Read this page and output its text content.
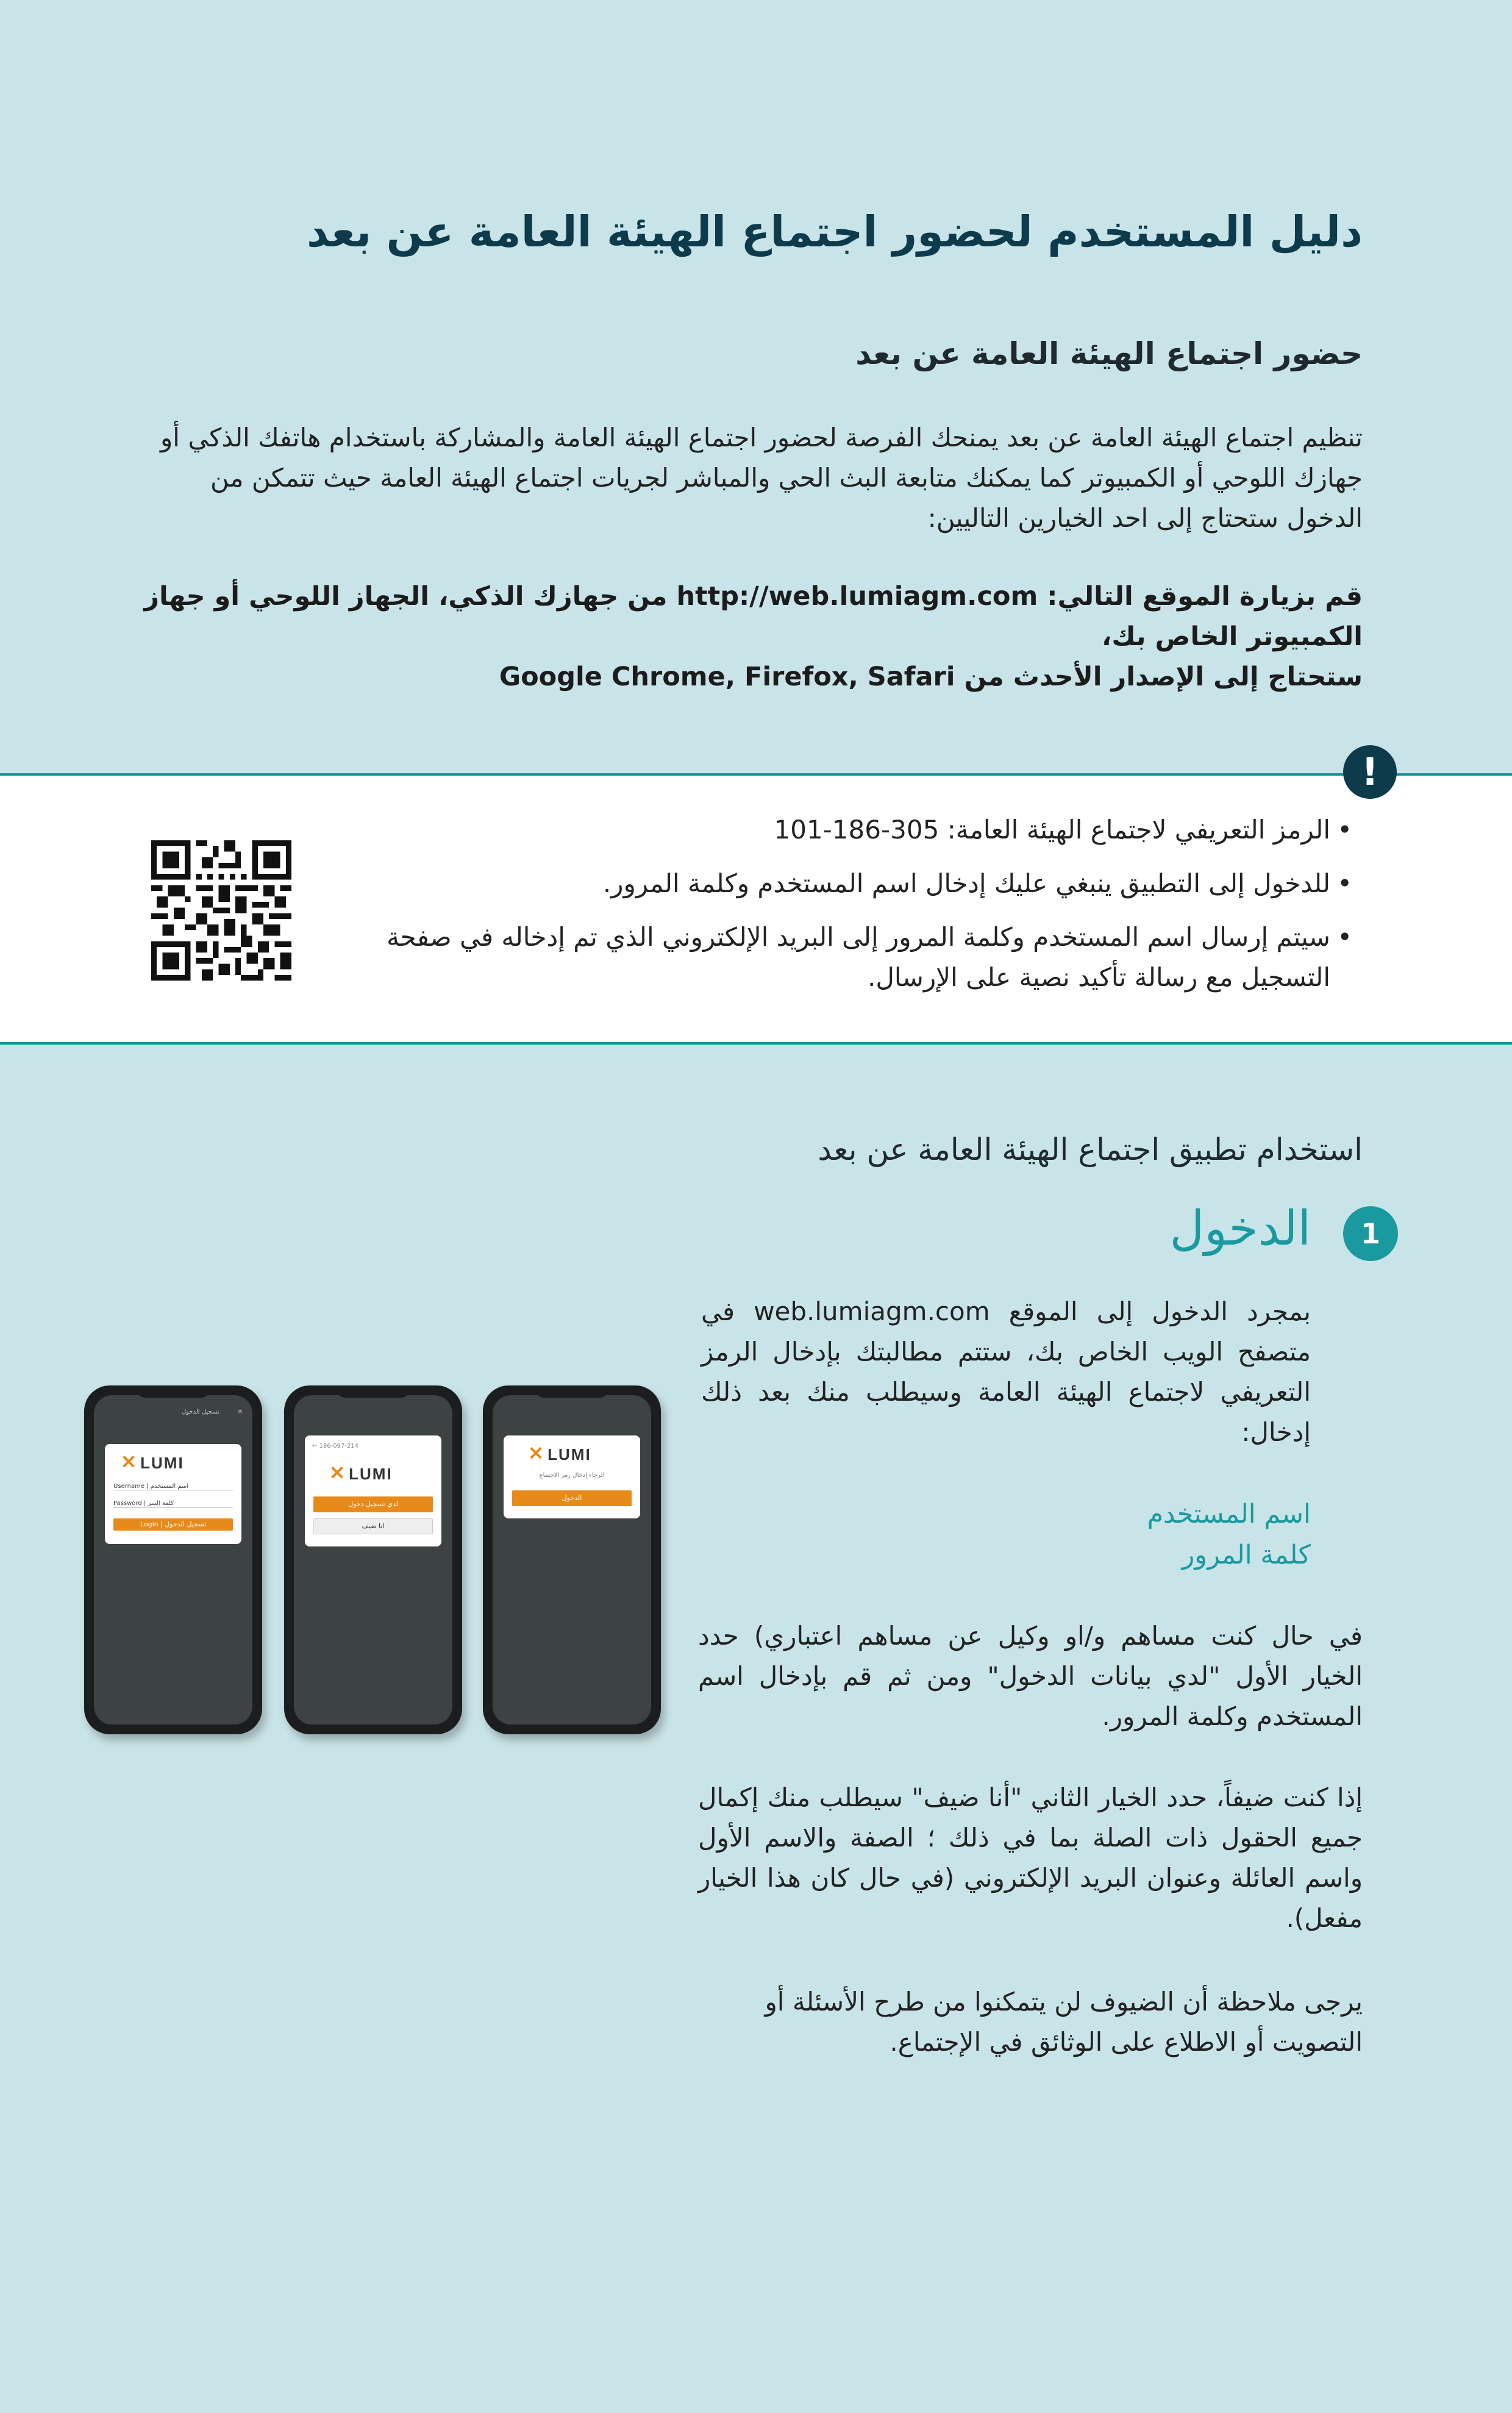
دليل المستخدم لحضور اجتماع الهيئة العامة عن بعد
حضور اجتماع الهيئة العامة عن بعد
تنظيم اجتماع الهيئة العامة عن بعد يمنحك الفرصة لحضور اجتماع الهيئة العامة والمشاركة باستخدام هاتفك الذكي أو جهازك اللوحي أو الكمبيوتر كما يمكنك متابعة البث الحي والمباشر لجريات اجتماع الهيئة العامة حيث تتمكن من الدخول ستحتاج إلى احد الخيارين التاليين:
قم بزيارة الموقع التالي: http://web.lumiagm.com من جهازك الذكي، الجهاز اللوحي أو جهاز الكمبيوتر الخاص بك،
ستحتاج إلى الإصدار الأحدث من Google Chrome, Firefox, Safari
!
• الرمز التعريفي لاجتماع الهيئة العامة: 305-186-101
• للدخول إلى التطبيق ينبغي عليك إدخال اسم المستخدم وكلمة المرور.
• سيتم إرسال اسم المستخدم وكلمة المرور إلى البريد الإلكتروني الذي تم إدخاله في صفحة التسجيل مع رسالة تأكيد نصية على الإرسال.
استخدام تطبيق اجتماع الهيئة العامة عن بعد
1
الدخول
بمجرد الدخول إلى الموقع web.lumiagm.com في متصفح الويب الخاص بك، ستتم مطالبتك بإدخال الرمز التعريفي لاجتماع الهيئة العامة وسيطلب منك بعد ذلك إدخال:
اسم المستخدم
كلمة المرور
في حال كنت مساهم و/او وكيل عن مساهم اعتباري) حدد الخيار الأول "لدي بيانات الدخول" ومن ثم قم بإدخال اسم المستخدم وكلمة المرور.
إذا كنت ضيفاً، حدد الخيار الثاني "أنا ضيف" سيطلب منك إكمال جميع الحقول ذات الصلة بما في ذلك ؛ الصفة والاسم الأول واسم العائلة وعنوان البريد الإلكتروني (في حال كان هذا الخيار مفعل).
يرجى ملاحظة أن الضيوف لن يتمكنوا من طرح الأسئلة أو التصويت أو الاطلاع على الوثائق في الإجتماع.
✕
تسجيل الدخول
✕ LUMI
Username | اسم المستخدم
Password | كلمة السر
Login | تسجيل الدخول
← 186-097-214
✕ LUMI
لدي تسجيل دخول
انا ضيف
✕ LUMI
الرجاء إدخال رمز الاجتماع
الدخول
